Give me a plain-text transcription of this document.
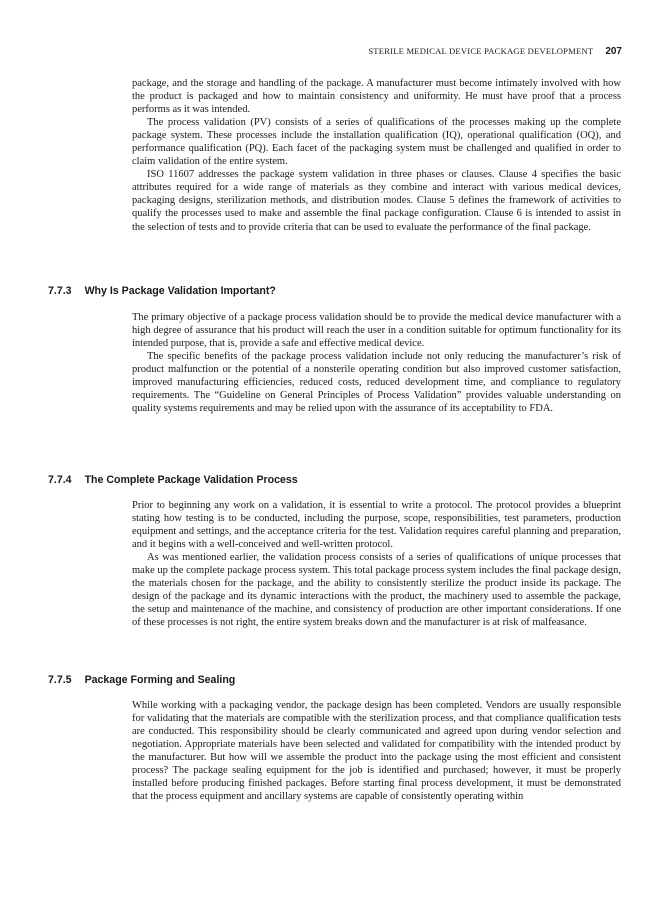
STERILE MEDICAL DEVICE PACKAGE DEVELOPMENT 207

package, and the storage and handling of the package. A manufacturer must become intimately involved with how the product is packaged and how to maintain consistency and uniformity. He must have proof that a process performs as it was intended.

The process validation (PV) consists of a series of qualifications of the processes making up the complete package system. These processes include the installation qualification (IQ), operational qualification (OQ), and performance qualification (PQ). Each facet of the packaging system must be challenged and qualified in order to claim validation of the entire system.

ISO 11607 addresses the package system validation in three phases or clauses. Clause 4 specifies the basic attributes required for a wide range of materials as they combine and interact with various medical devices, packaging designs, sterilization methods, and distribution modes. Clause 5 defines the framework of activities to qualify the processes used to make and assemble the final package configuration. Clause 6 is intended to assist in the selection of tests and to provide criteria that can be used to evaluate the performance of the final package.

7.7.3 Why Is Package Validation Important?

The primary objective of a package process validation should be to provide the medical device manufacturer with a high degree of assurance that his product will reach the user in a condition suitable for optimum functionality for its intended purpose, that is, provide a safe and effective medical device.

The specific benefits of the package process validation include not only reducing the manufacturer’s risk of product malfunction or the potential of a nonsterile operating condition but also improved customer satisfaction, improved manufacturing efficiencies, reduced costs, reduced development time, and compliance to regulatory requirements. The “Guideline on General Principles of Process Validation” provides valuable understanding on quality systems requirements and may be relied upon with the assurance of its acceptability to FDA.

7.7.4 The Complete Package Validation Process

Prior to beginning any work on a validation, it is essential to write a protocol. The protocol provides a blueprint stating how testing is to be conducted, including the purpose, scope, responsibilities, test parameters, production equipment and settings, and the acceptance criteria for the test. Validation requires careful planning and preparation, and it begins with a well-conceived and well-written protocol.

As was mentioned earlier, the validation process consists of a series of qualifications of unique processes that make up the complete package process system. This total package process system includes the final package design, the materials chosen for the package, and the ability to consistently sterilize the product inside its package. The design of the package and its dynamic interactions with the product, the machinery used to assemble the package, the setup and maintenance of the machine, and consistency of production are other important considerations. If one of these processes is not right, the entire system breaks down and the manufacturer is at risk of malfeasance.

7.7.5 Package Forming and Sealing

While working with a packaging vendor, the package design has been completed. Vendors are usually responsible for validating that the materials are compatible with the sterilization process, and that compliance qualification tests are conducted. This responsibility should be clearly communicated and agreed upon during vendor selection and negotiation. Appropriate materials have been selected and validated for compatibility with the intended product by the manufacturer. But how will we assemble the product into the package using the most efficient and consistent process? The package sealing equipment for the job is identified and purchased; however, it must be properly installed before producing finished packages. Before starting final process development, it must be demonstrated that the process equipment and ancillary systems are capable of consistently operating within
